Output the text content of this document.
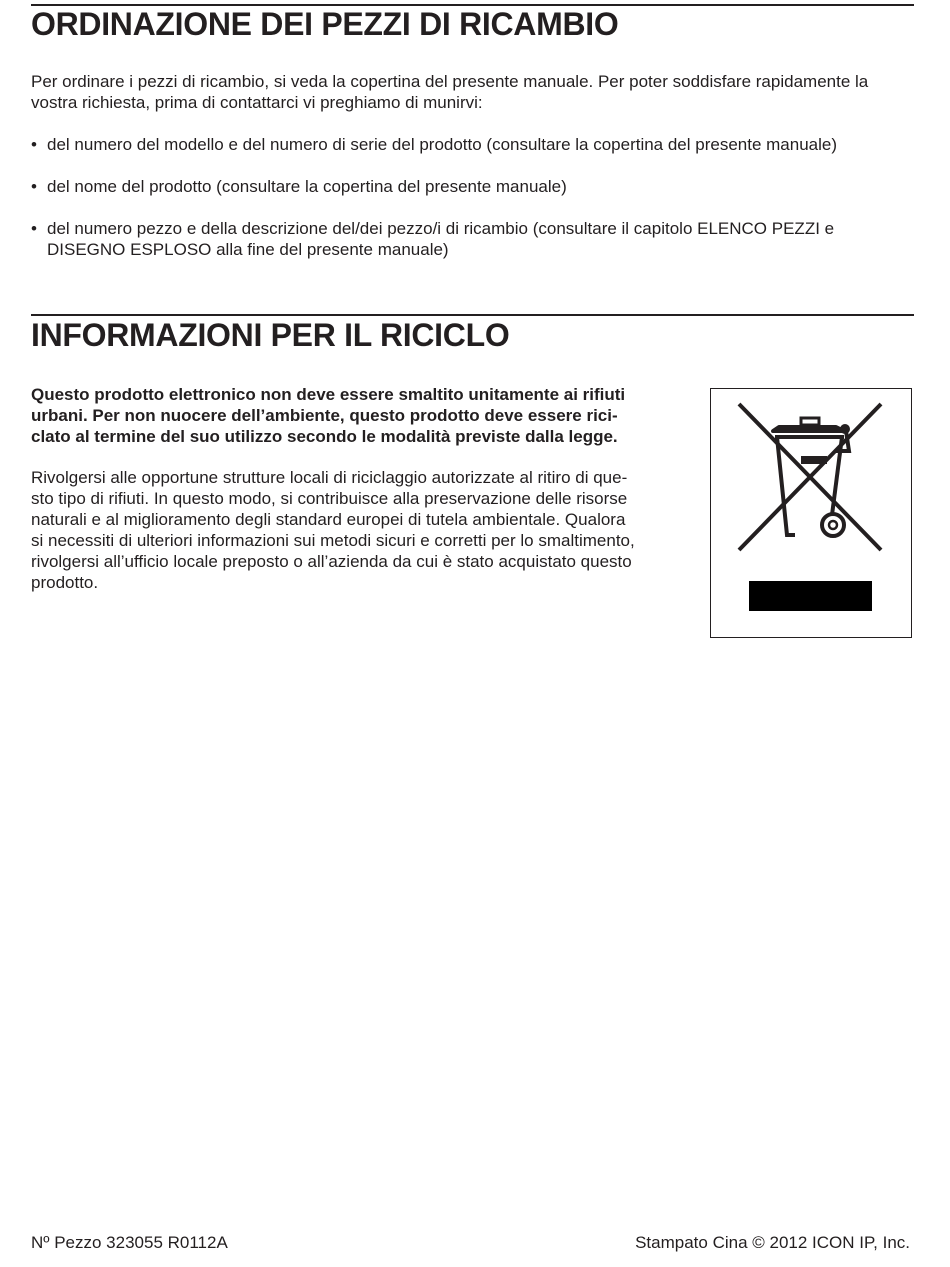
ORDINAZIONE DEI PEZZI DI RICAMBIO

Per ordinare i pezzi di ricambio, si veda la copertina del presente manuale. Per poter soddisfare rapidamente la
vostra richiesta, prima di contattarci vi preghiamo di munirvi:

• del numero del modello e del numero di serie del prodotto (consultare la copertina del presente manuale)
• del nome del prodotto (consultare la copertina del presente manuale)
• del numero pezzo e della descrizione del/dei pezzo/i di ricambio (consultare il capitolo ELENCO PEZZI e
DISEGNO ESPLOSO alla fine del presente manuale)
INFORMAZIONI PER IL RICICLO

Questo prodotto elettronico non deve essere smaltito unitamente ai rifiuti
urbani. Per non nuocere dell’ambiente, questo prodotto deve essere rici-
clato al termine del suo utilizzo secondo le modalità previste dalla legge.

Rivolgersi alle opportune strutture locali di riciclaggio autorizzate al ritiro di que-
sto tipo di rifiuti. In questo modo, si contribuisce alla preservazione delle risorse
naturali e al miglioramento degli standard europei di tutela ambientale. Qualora
si necessiti di ulteriori informazioni sui metodi sicuri e corretti per lo smaltimento,
rivolgersi all’ufficio locale preposto o all’azienda da cui è stato acquistato questo
prodotto.

Nº Pezzo 323055 R0112A	Stampato Cina © 2012 ICON IP, Inc.
